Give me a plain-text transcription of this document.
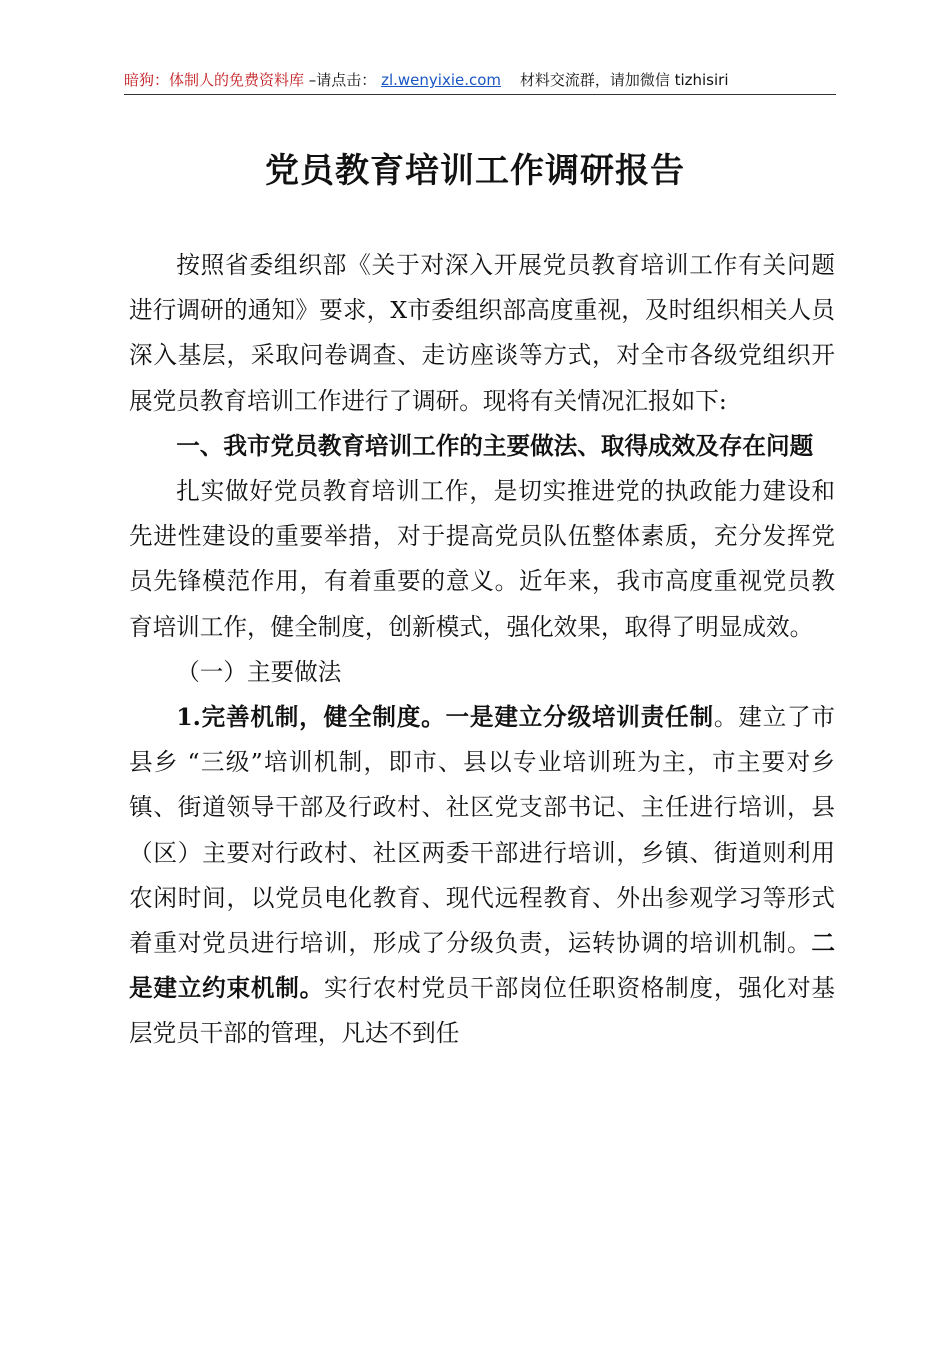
暗狗：体制人的免费资料库 –请点击： zl.wenyixie.com 材料交流群，请加微信 tizhisiri
党员教育培训工作调研报告

按照省委组织部《关于对深入开展党员教育培训工作有关问题进行调研的通知》要求，X市委组织部高度重视，及时组织相关人员深入基层，采取问卷调查、走访座谈等方式，对全市各级党组织开展党员教育培训工作进行了调研。现将有关情况汇报如下:

一、我市党员教育培训工作的主要做法、取得成效及存在问题

扎实做好党员教育培训工作，是切实推进党的执政能力建设和先进性建设的重要举措，对于提高党员队伍整体素质，充分发挥党员先锋模范作用，有着重要的意义。近年来，我市高度重视党员教育培训工作，健全制度，创新模式，强化效果，取得了明显成效。

（一）主要做法

1.完善机制，健全制度。一是建立分级培训责任制。建立了市县乡 “三级”培训机制，即市、县以专业培训班为主，市主要对乡镇、街道领导干部及行政村、社区党支部书记、主任进行培训，县（区）主要对行政村、社区两委干部进行培训，乡镇、街道则利用农闲时间，以党员电化教育、现代远程教育、外出参观学习等形式着重对党员进行培训，形成了分级负责，运转协调的培训机制。二是建立约束机制。实行农村党员干部岗位任职资格制度，强化对基层党员干部的管理，凡达不到任
